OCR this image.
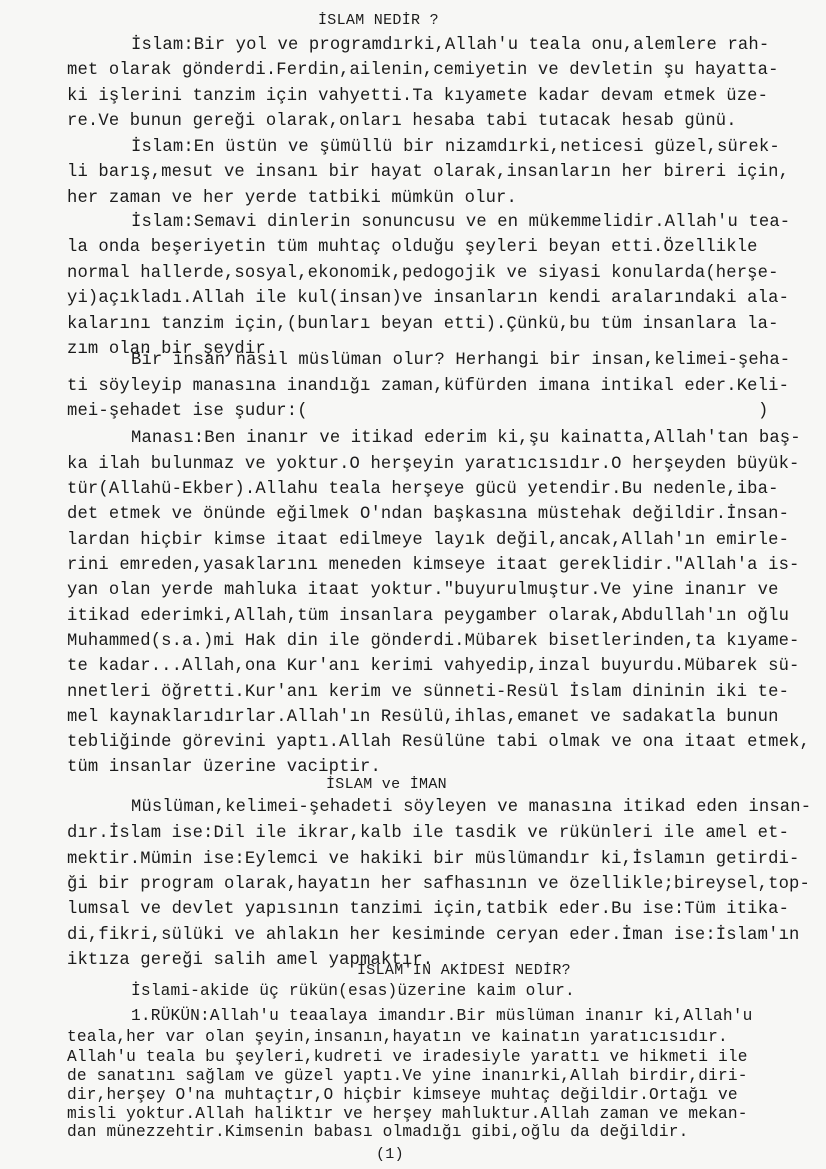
İSLAM NEDİR ?
İslam:Bir yol ve programdırki,Allah'u teala onu,alemlere rah-
met olarak gönderdi.Ferdin,ailenin,cemiyetin ve devletin şu hayatta-
ki işlerini tanzim için vahyetti.Ta kıyamete kadar devam etmek üze-
re.Ve bunun gereği olarak,onları hesaba tabi tutacak hesab günü.
İslam:En üstün ve şümüllü bir nizamdırki,neticesi güzel,sürek-
li barış,mesut ve insanı bir hayat olarak,insanların her bireri için,
her zaman ve her yerde tatbiki mümkün olur.
İslam:Semavi dinlerin sonuncusu ve en mükemmelidir.Allah'u tea-
la onda beşeriyetin tüm muhtaç olduğu şeyleri beyan etti.Özellikle
normal hallerde,sosyal,ekonomik,pedogojik ve siyasi konularda(herşe-
yi)açıkladı.Allah ile kul(insan)ve insanların kendi aralarındaki ala-
kalarını tanzim için,(bunları beyan etti).Çünkü,bu tüm insanlara la-
zım olan bir şeydir.
Bir insan nasıl müslüman olur? Herhangi bir insan,kelimei-şeha-
ti söyleyip manasına inandığı zaman,küfürden imana intikal eder.Keli-
mei-şehadet ise şudur:(	)
Manası:Ben inanır ve itikad ederim ki,şu kainatta,Allah'tan baş-
ka ilah bulunmaz ve yoktur.O herşeyin yaratıcısıdır.O herşeyden büyük-
tür(Allahü-Ekber).Allahu teala herşeye gücü yetendir.Bu nedenle,iba-
det etmek ve önünde eğilmek O'ndan başkasına müstehak değildir.İnsan-
lardan hiçbir kimse itaat edilmeye layık değil,ancak,Allah'ın emirle-
rini emreden,yasaklarını meneden kimseye itaat gereklidir."Allah'a is-
yan olan yerde mahluka itaat yoktur."buyurulmuştur.Ve yine inanır ve
itikad ederimki,Allah,tüm insanlara peygamber olarak,Abdullah'ın oğlu
Muhammed(s.a.)mi Hak din ile gönderdi.Mübarek bisetlerinden,ta kıyame-
te kadar...Allah,ona Kur'anı kerimi vahyedip,inzal buyurdu.Mübarek sü-
nnetleri öğretti.Kur'anı kerim ve sünneti-Resül İslam dininin iki te-
mel kaynaklarıdırlar.Allah'ın Resülü,ihlas,emanet ve sadakatla bunun
tebliğinde görevini yaptı.Allah Resülüne tabi olmak ve ona itaat etmek,
tüm insanlar üzerine vaciptir.
Müslüman,kelimei-şehadeti söyleyen ve manasına itikad eden insan-
dır.İslam ise:Dil ile ikrar,kalb ile tasdik ve rükünleri ile amel et-
mektir.Mümin ise:Eylemci ve hakiki bir müslümandır ki,İslamın getirdi-
ği bir program olarak,hayatın her safhasının ve özellikle;bireysel,top-
lumsal ve devlet yapısının tanzimi için,tatbik eder.Bu ise:Tüm itika-
di,fikri,sülüki ve ahlakın her kesiminde ceryan eder.İman ise:İslam'ın
iktıza gereği salih amel yapmaktır.
İslami-akide üç rükün(esas)üzerine kaim olur.
1.RÜKÜN:Allah'u teaalaya imandır.Bir müslüman inanır ki,Allah'u
teala,her var olan şeyin,insanın,hayatın ve kainatın yaratıcısıdır.
Allah'u teala bu şeyleri,kudreti ve iradesiyle yarattı ve hikmeti ile
de sanatını sağlam ve güzel yaptı.Ve yine inanırki,Allah birdir,diri-
dir,herşey O'na muhtaçtır,O hiçbir kimseye muhtaç değildir.Ortağı ve
misli yoktur.Allah haliktır ve herşey mahluktur.Allah zaman ve mekan-
dan münezzehtir.Kimsenin babası olmadığı gibi,oğlu da değildir.
İSLAM ve İMAN
İSLAM'IN AKİDESİ NEDİR?
(1)
